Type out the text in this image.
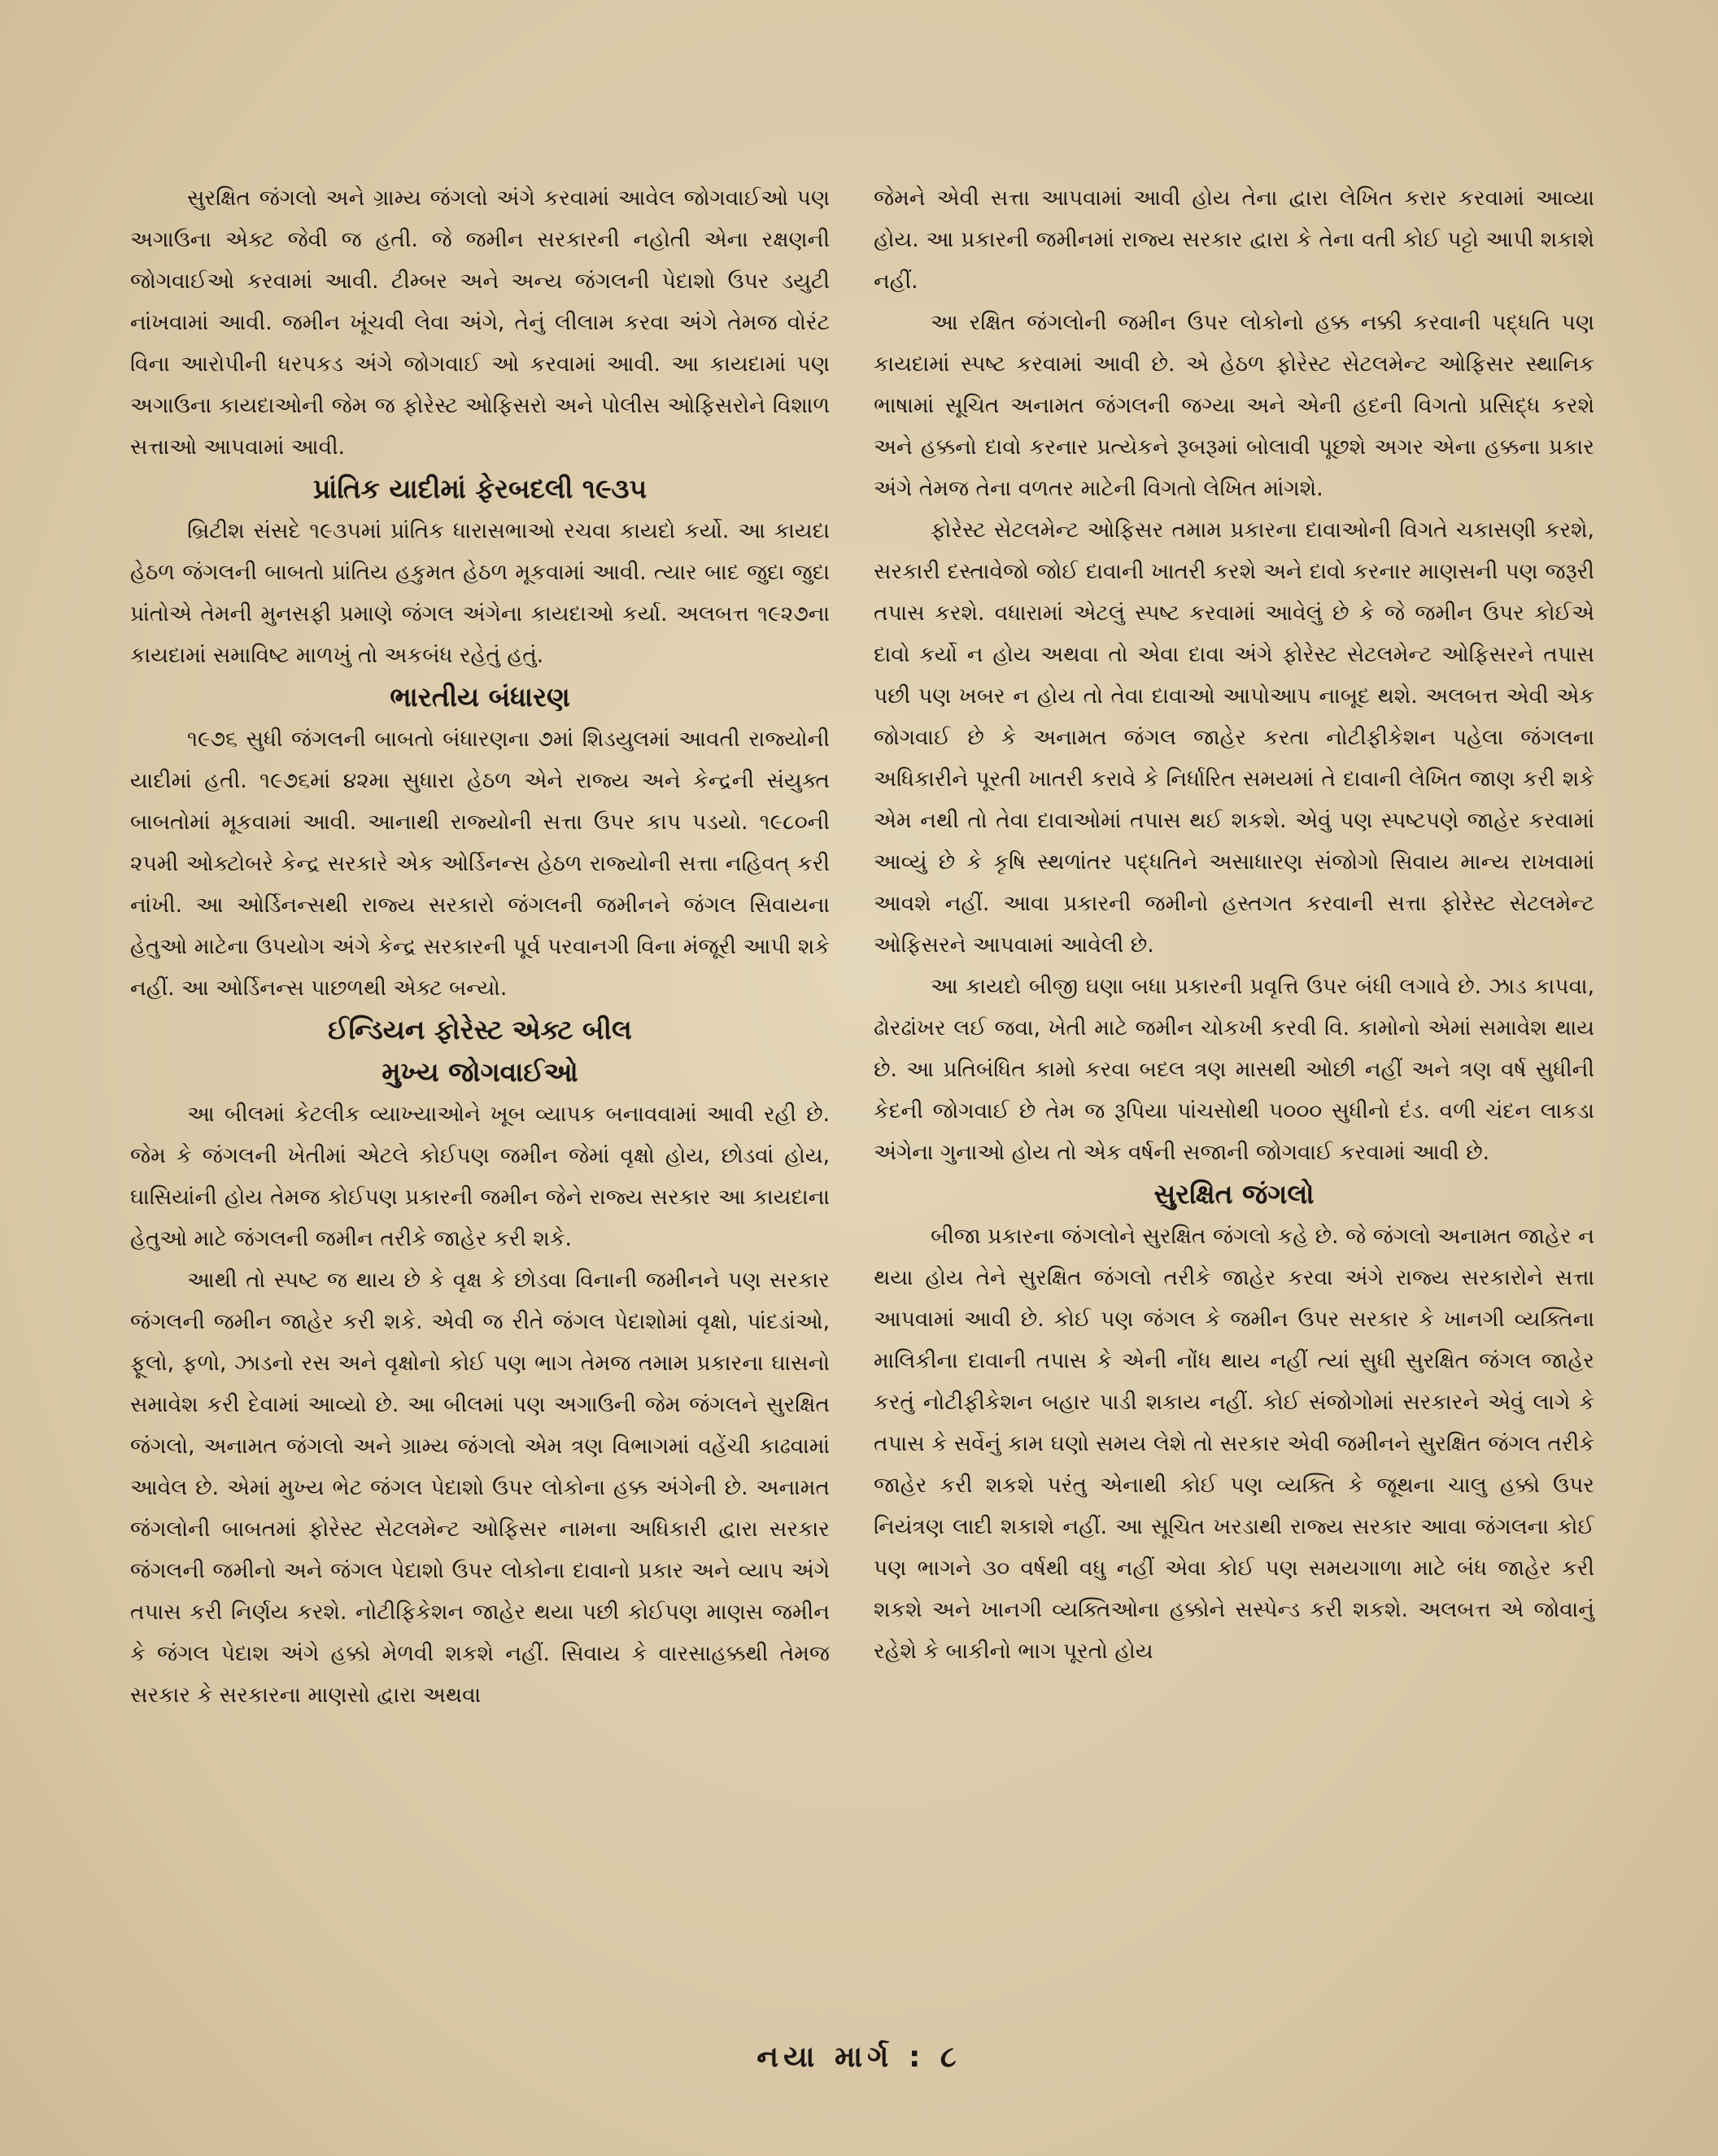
સુરક્ષિત જંગલો અને ગ્રામ્ય જંગલો અંગે કરવામાં આવેલ જોગવાઈઓ પણ અગાઉના એક્ટ જેવી જ હતી. જે જમીન સરકારની નહોતી એના રક્ષણની જોગવાઈઓ કરવામાં આવી. ટીમ્બર અને અન્ય જંગલની પેદાશો ઉપર ડયુટી નાંખવામાં આવી. જમીન ખૂંચવી લેવા અંગે, તેનું લીલામ કરવા અંગે તેમજ વોરંટ વિના આરોપીની ધરપકડ અંગે જોગવાઈ ઓ કરવામાં આવી. આ કાયદામાં પણ અગાઉના કાયદાઓની જેમ જ ફોરેસ્ટ ઓફિસરો અને પોલીસ ઓફિસરોને વિશાળ સત્તાઓ આપવામાં આવી.

પ્રાંતિક યાદીમાં ફેરબદલી ૧૯૩૫

બ્રિટીશ સંસદે ૧૯૩૫માં પ્રાંતિક ધારાસભાઓ રચવા કાયદો કર્યો. આ કાયદા હેઠળ જંગલની બાબતો પ્રાંતિય હકુમત હેઠળ મૂકવામાં આવી. ત્યાર બાદ જુદા જુદા પ્રાંતોએ તેમની મુનસફી પ્રમાણે જંગલ અંગેના કાયદાઓ કર્યા. અલબત્ત ૧૯૨૭ના કાયદામાં સમાવિષ્ટ માળખું તો અકબંધ રહેતું હતું.

ભારતીય બંધારણ

૧૯૭૬ સુધી જંગલની બાબતો બંધારણના ૭માં શિડયુલમાં આવતી રાજ્યોની યાદીમાં હતી. ૧૯૭૬માં ૪૨મા સુધારા હેઠળ એને રાજ્ય અને કેન્દ્રની સંયુક્ત બાબતોમાં મૂકવામાં આવી. આનાથી રાજ્યોની સત્તા ઉપર કાપ પડયો. ૧૯૮૦ની ૨૫મી ઓક્ટોબરે કેન્દ્ર સરકારે એક ઓર્ડિનન્સ હેઠળ રાજ્યોની સત્તા નહિવત્ કરી નાંખી. આ ઓર્ડિનન્સથી રાજ્ય સરકારો જંગલની જમીનને જંગલ સિવાયના હેતુઓ માટેના ઉપયોગ અંગે કેન્દ્ર સરકારની પૂર્વ પરવાનગી વિના મંજૂરી આપી શકે નહીં. આ ઓર્ડિનન્સ પાછળથી એક્ટ બન્યો.

ઈન્ડિયન ફોરેસ્ટ એક્ટ બીલ
મુખ્ય જોગવાઈઓ

આ બીલમાં કેટલીક વ્યાખ્યાઓને ખૂબ વ્યાપક બનાવવામાં આવી રહી છે. જેમ કે જંગલની ખેતીમાં એટલે કોઈપણ જમીન જેમાં વૃક્ષો હોય, છોડવાં હોય, ઘાસિયાંની હોય તેમજ કોઈપણ પ્રકારની જમીન જેને રાજ્ય સરકાર આ કાયદાના હેતુઓ માટે જંગલની જમીન તરીકે જાહેર કરી શકે.

આથી તો સ્પષ્ટ જ થાય છે કે વૃક્ષ કે છોડવા વિનાની જમીનને પણ સરકાર જંગલની જમીન જાહેર કરી શકે. એવી જ રીતે જંગલ પેદાશોમાં વૃક્ષો, પાંદડાંઓ, ફૂલો, ફળો, ઝાડનો રસ અને વૃક્ષોનો કોઈ પણ ભાગ તેમજ તમામ પ્રકારના ઘાસનો સમાવેશ કરી દેવામાં આવ્યો છે. આ બીલમાં પણ અગાઉની જેમ જંગલને સુરક્ષિત જંગલો, અનામત જંગલો અને ગ્રામ્ય જંગલો એમ ત્રણ વિભાગમાં વહેંચી કાઢવામાં આવેલ છે. એમાં મુખ્ય ભેટ જંગલ પેદાશો ઉપર લોકોના હક્ક અંગેની છે. અનામત જંગલોની બાબતમાં ફોરેસ્ટ સેટલમેન્ટ ઓફિસર નામના અધિકારી દ્વારા સરકાર જંગલની જમીનો અને જંગલ પેદાશો ઉપર લોકોના દાવાનો પ્રકાર અને વ્યાપ અંગે તપાસ કરી નિર્ણય કરશે. નોટીફિકેશન જાહેર થયા પછી કોઈપણ માણસ જમીન કે જંગલ પેદાશ અંગે હક્કો મેળવી શકશે નહીં. સિવાય કે વારસાહક્કથી તેમજ સરકાર કે સરકારના માણસો દ્વારા અથવા

જેમને એવી સત્તા આપવામાં આવી હોય તેના દ્વારા લેખિત કરાર કરવામાં આવ્યા હોય. આ પ્રકારની જમીનમાં રાજ્ય સરકાર દ્વારા કે તેના વતી કોઈ પટ્ટો આપી શકાશે નહીં.

આ રક્ષિત જંગલોની જમીન ઉપર લોકોનો હક્ક નક્કી કરવાની પદ્ધતિ પણ કાયદામાં સ્પષ્ટ કરવામાં આવી છે. એ હેઠળ ફોરેસ્ટ સેટલમેન્ટ ઓફિસર સ્થાનિક ભાષામાં સૂચિત અનામત જંગલની જગ્યા અને એની હદની વિગતો પ્રસિદ્ધ કરશે અને હક્કનો દાવો કરનાર પ્રત્યેકને રૂબરૂમાં બોલાવી પૂછશે અગર એના હક્કના પ્રકાર અંગે તેમજ તેના વળતર માટેની વિગતો લેખિત માંગશે.

ફોરેસ્ટ સેટલમેન્ટ ઓફિસર તમામ પ્રકારના દાવાઓની વિગતે ચકાસણી કરશે, સરકારી દસ્તાવેજો જોઈ દાવાની ખાતરી કરશે અને દાવો કરનાર માણસની પણ જરૂરી તપાસ કરશે. વધારામાં એટલું સ્પષ્ટ કરવામાં આવેલું છે કે જે જમીન ઉપર કોઈએ દાવો કર્યો ન હોય અથવા તો એવા દાવા અંગે ફોરેસ્ટ સેટલમેન્ટ ઓફિસરને તપાસ પછી પણ ખબર ન હોય તો તેવા દાવાઓ આપોઆપ નાબૂદ થશે. અલબત્ત એવી એક જોગવાઈ છે કે અનામત જંગલ જાહેર કરતા નોટીફીકેશન પહેલા જંગલના અધિકારીને પૂરતી ખાતરી કરાવે કે નિર્ધારિત સમયમાં તે દાવાની લેખિત જાણ કરી શકે એમ નથી તો તેવા દાવાઓમાં તપાસ થઈ શકશે. એવું પણ સ્પષ્ટપણે જાહેર કરવામાં આવ્યું છે કે કૃષિ સ્થળાંતર પદ્ધતિને અસાધારણ સંજોગો સિવાય માન્ય રાખવામાં આવશે નહીં. આવા પ્રકારની જમીનો હસ્તગત કરવાની સત્તા ફોરેસ્ટ સેટલમેન્ટ ઓફિસરને આપવામાં આવેલી છે.

આ કાયદો બીજી ઘણા બધા પ્રકારની પ્રવૃત્તિ ઉપર બંધી લગાવે છે. ઝાડ કાપવા, ઢોરઢાંખર લઈ જવા, ખેતી માટે જમીન ચોકખી કરવી વિ. કામોનો એમાં સમાવેશ થાય છે. આ પ્રતિબંધિત કામો કરવા બદલ ત્રણ માસથી ઓછી નહીં અને ત્રણ વર્ષ સુધીની કેદની જોગવાઈ છે તેમ જ રૂપિયા પાંચસોથી ૫૦૦૦ સુધીનો દંડ. વળી ચંદન લાકડા અંગેના ગુનાઓ હોય તો એક વર્ષની સજાની જોગવાઈ કરવામાં આવી છે.

સુરક્ષિત જંગલો

બીજા પ્રકારના જંગલોને સુરક્ષિત જંગલો કહે છે. જે જંગલો અનામત જાહેર ન થયા હોય તેને સુરક્ષિત જંગલો તરીકે જાહેર કરવા અંગે રાજ્ય સરકારોને સત્તા આપવામાં આવી છે. કોઈ પણ જંગલ કે જમીન ઉપર સરકાર કે ખાનગી વ્યક્તિના માલિકીના દાવાની તપાસ કે એની નોંધ થાય નહીં ત્યાં સુધી સુરક્ષિત જંગલ જાહેર કરતું નોટીફીકેશન બહાર પાડી શકાય નહીં. કોઈ સંજોગોમાં સરકારને એવું લાગે કે તપાસ કે સર્વેનું કામ ઘણો સમય લેશે તો સરકાર એવી જમીનને સુરક્ષિત જંગલ તરીકે જાહેર કરી શકશે પરંતુ એનાથી કોઈ પણ વ્યક્તિ કે જૂથના ચાલુ હક્કો ઉપર નિયંત્રણ લાદી શકાશે નહીં. આ સૂચિત ખરડાથી રાજ્ય સરકાર આવા જંગલના કોઈ પણ ભાગને ૩૦ વર્ષથી વધુ નહીં એવા કોઈ પણ સમયગાળા માટે બંધ જાહેર કરી શકશે અને ખાનગી વ્યક્તિઓના હક્કોને સસ્પેન્ડ કરી શકશે. અલબત્ત એ જોવાનું રહેશે કે બાકીનો ભાગ પૂરતો હોય

નયા માર્ગ : ૮
